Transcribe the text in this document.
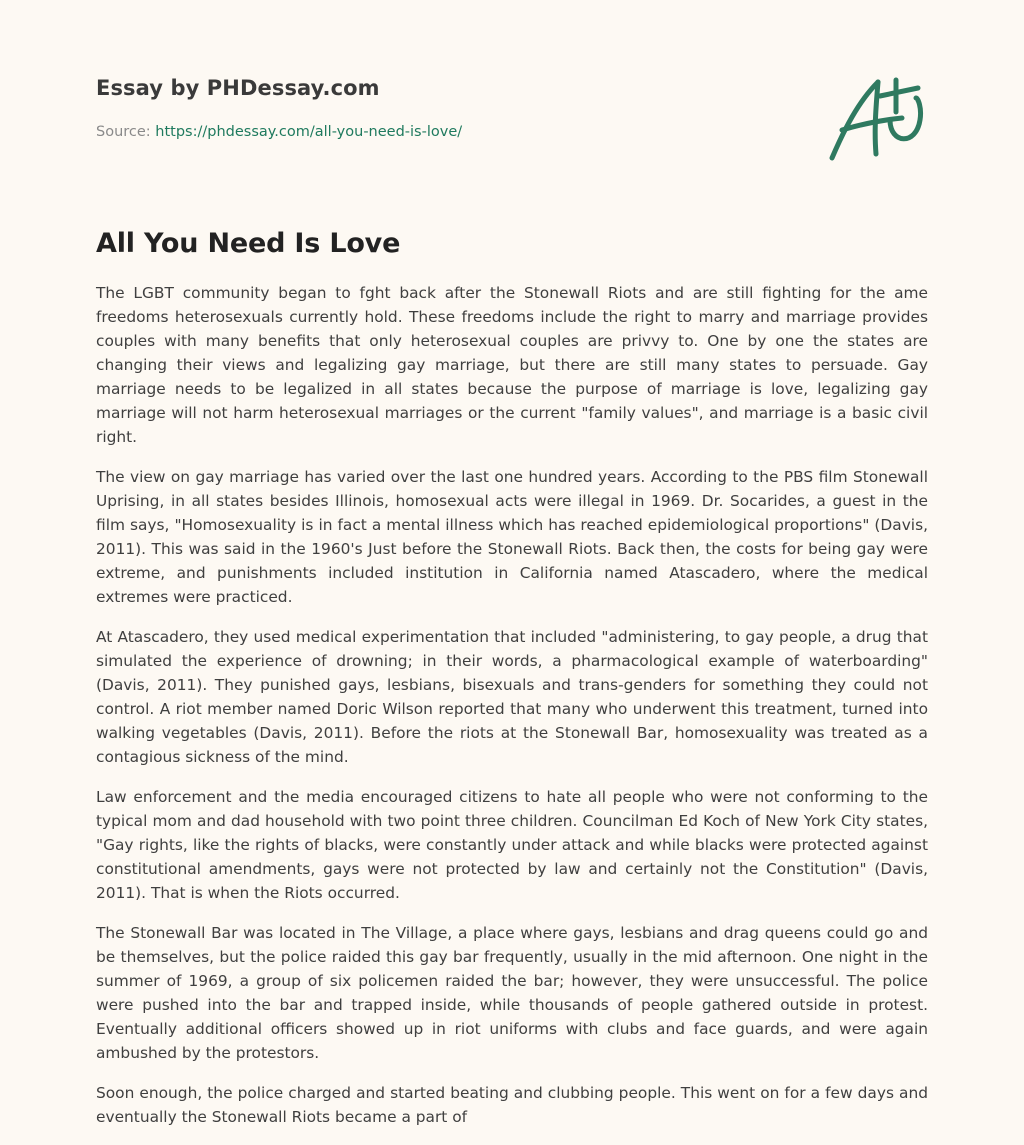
Essay by PHDessay.com
Source: https://phdessay.com/all-you-need-is-love/
All You Need Is Love

The LGBT community began to fght back after the Stonewall Riots and are still fighting for the ame freedoms heterosexuals currently hold. These freedoms include the right to marry and marriage provides couples with many benefits that only heterosexual couples are privvy to. One by one the states are changing their views and legalizing gay marriage, but there are still many states to persuade. Gay marriage needs to be legalized in all states because the purpose of marriage is love, legalizing gay marriage will not harm heterosexual marriages or the current "family values", and marriage is a basic civil right.

The view on gay marriage has varied over the last one hundred years. According to the PBS film Stonewall Uprising, in all states besides Illinois, homosexual acts were illegal in 1969. Dr. Socarides, a guest in the film says, "Homosexuality is in fact a mental illness which has reached epidemiological proportions" (Davis, 2011). This was said in the 1960's Just before the Stonewall Riots. Back then, the costs for being gay were extreme, and punishments included institution in California named Atascadero, where the medical extremes were practiced.

At Atascadero, they used medical experimentation that included "administering, to gay people, a drug that simulated the experience of drowning; in their words, a pharmacological example of waterboarding" (Davis, 2011). They punished gays, lesbians, bisexuals and trans-genders for something they could not control. A riot member named Doric Wilson reported that many who underwent this treatment, turned into walking vegetables (Davis, 2011). Before the riots at the Stonewall Bar, homosexuality was treated as a contagious sickness of the mind.

Law enforcement and the media encouraged citizens to hate all people who were not conforming to the typical mom and dad household with two point three children. Councilman Ed Koch of New York City states, "Gay rights, like the rights of blacks, were constantly under attack and while blacks were protected against constitutional amendments, gays were not protected by law and certainly not the Constitution" (Davis, 2011). That is when the Riots occurred.

The Stonewall Bar was located in The Village, a place where gays, lesbians and drag queens could go and be themselves, but the police raided this gay bar frequently, usually in the mid afternoon. One night in the summer of 1969, a group of six policemen raided the bar; however, they were unsuccessful. The police were pushed into the bar and trapped inside, while thousands of people gathered outside in protest. Eventually additional officers showed up in riot uniforms with clubs and face guards, and were again ambushed by the protestors.

Soon enough, the police charged and started beating and clubbing people. This went on for a few days and eventually the Stonewall Riots became a part of
